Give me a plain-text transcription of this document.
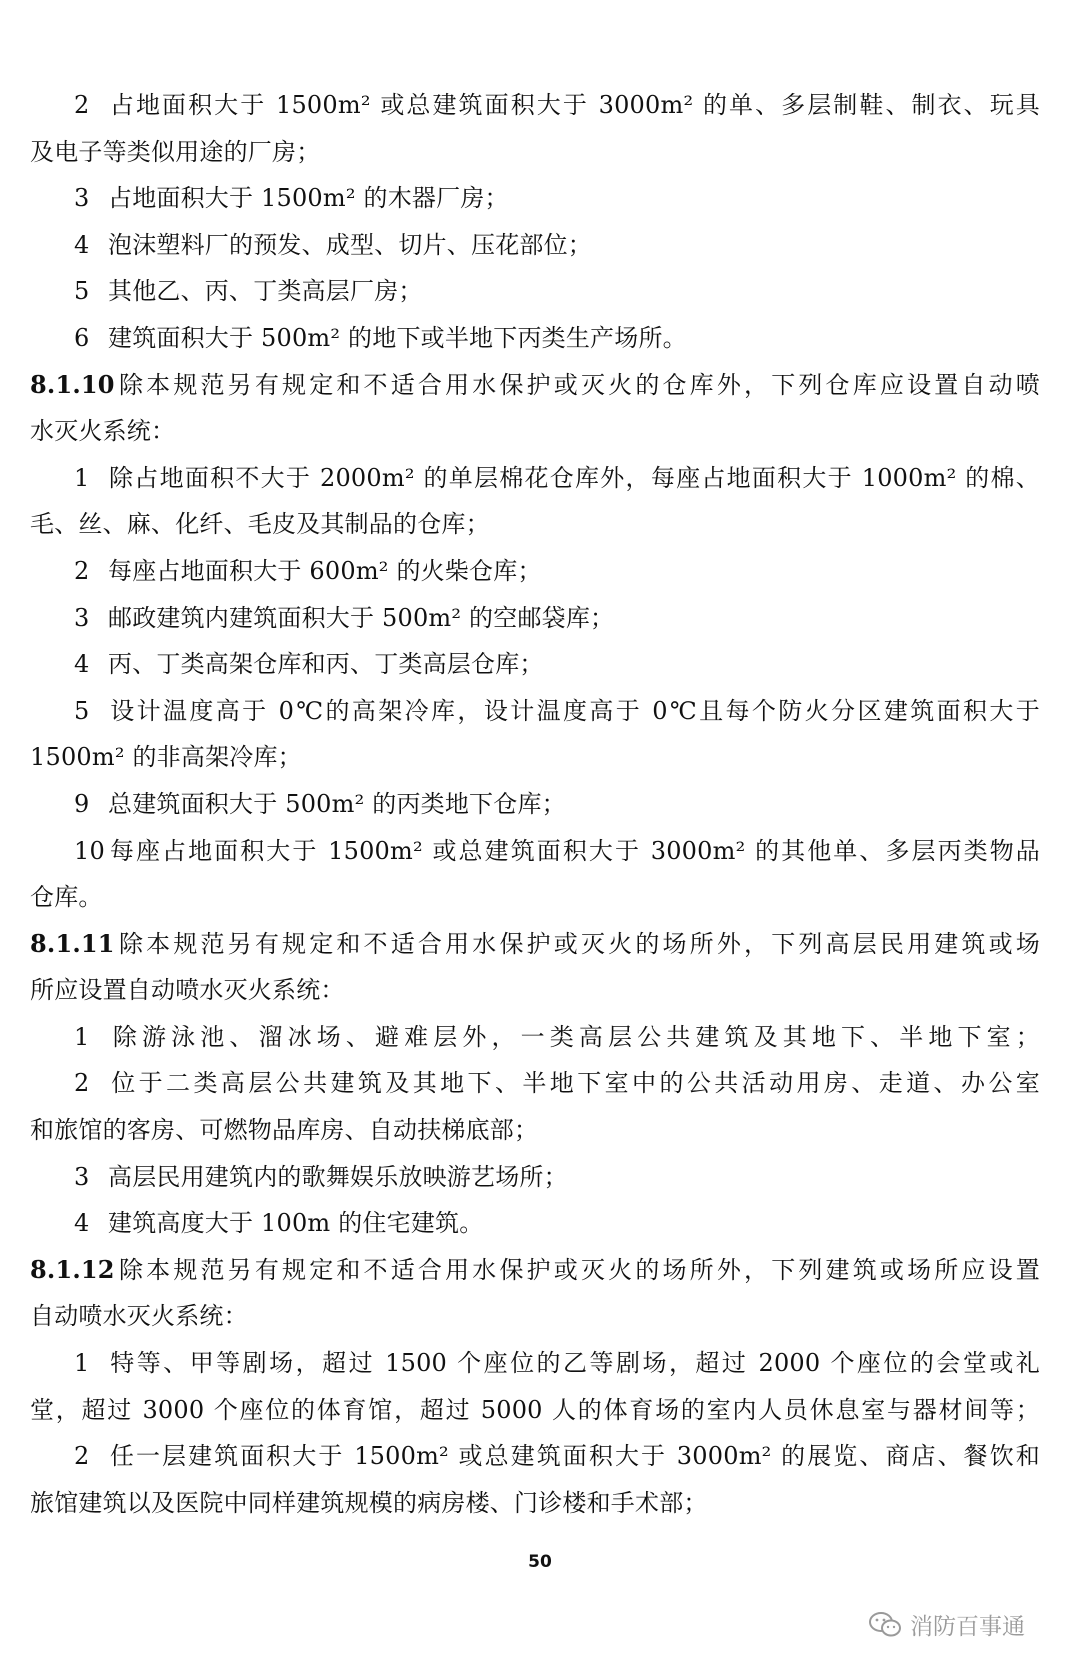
2 占地面积大于 1500m² 或总建筑面积大于 3000m² 的单、多层制鞋、制衣、玩具
及电子等类似用途的厂房；
3 占地面积大于 1500m² 的木器厂房；
4 泡沫塑料厂的预发、成型、切片、压花部位；
5 其他乙、丙、丁类高层厂房；
6 建筑面积大于 500m² 的地下或半地下丙类生产场所。
8.1.10除本规范另有规定和不适合用水保护或灭火的仓库外，下列仓库应设置自动喷
水灭火系统：
1 除占地面积不大于 2000m² 的单层棉花仓库外，每座占地面积大于 1000m² 的棉、
毛、丝、麻、化纤、毛皮及其制品的仓库；
2 每座占地面积大于 600m² 的火柴仓库；
3 邮政建筑内建筑面积大于 500m² 的空邮袋库；
4 丙、丁类高架仓库和丙、丁类高层仓库；
5 设计温度高于 0℃的高架冷库，设计温度高于 0℃且每个防火分区建筑面积大于
1500m² 的非高架冷库；
9 总建筑面积大于 500m² 的丙类地下仓库；
10 每座占地面积大于 1500m² 或总建筑面积大于 3000m² 的其他单、多层丙类物品
仓库。
8.1.11除本规范另有规定和不适合用水保护或灭火的场所外，下列高层民用建筑或场
所应设置自动喷水灭火系统：
1 除游泳池、溜冰场、避难层外，一类高层公共建筑及其地下、半地下室；
2 位于二类高层公共建筑及其地下、半地下室中的公共活动用房、走道、办公室
和旅馆的客房、可燃物品库房、自动扶梯底部；
3 高层民用建筑内的歌舞娱乐放映游艺场所；
4 建筑高度大于 100m 的住宅建筑。
8.1.12除本规范另有规定和不适合用水保护或灭火的场所外，下列建筑或场所应设置
自动喷水灭火系统：
1 特等、甲等剧场，超过 1500 个座位的乙等剧场，超过 2000 个座位的会堂或礼
堂，超过 3000 个座位的体育馆，超过 5000 人的体育场的室内人员休息室与器材间等；
2 任一层建筑面积大于 1500m² 或总建筑面积大于 3000m² 的展览、商店、餐饮和
旅馆建筑以及医院中同样建筑规模的病房楼、门诊楼和手术部；
50
消防百事通
